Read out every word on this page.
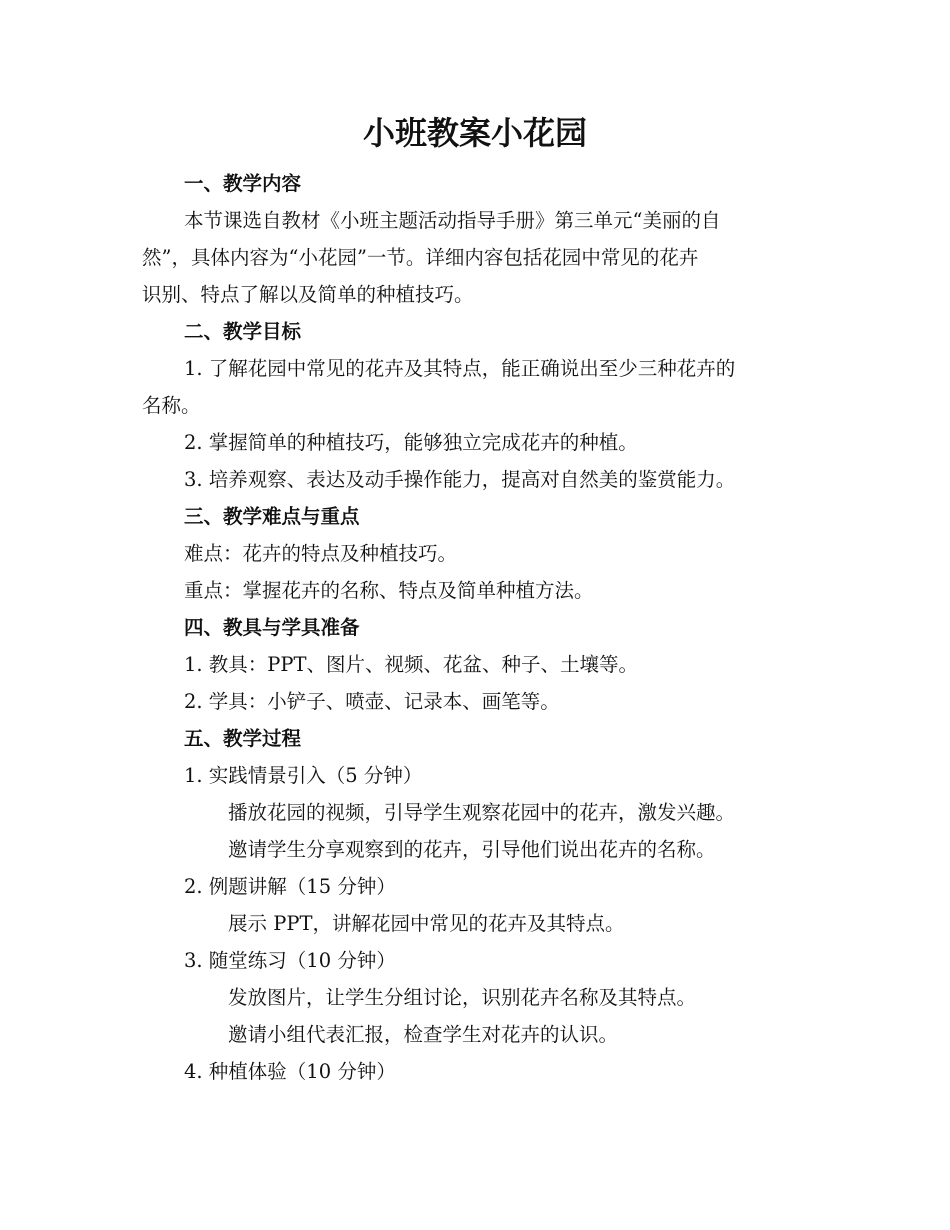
小班教案小花园

一、教学内容

本节课选自教材《小班主题活动指导手册》第三单元“美丽的自

然”，具体内容为“小花园”一节。详细内容包括花园中常见的花卉

识别、特点了解以及简单的种植技巧。

二、教学目标

1. 了解花园中常见的花卉及其特点，能正确说出至少三种花卉的

名称。

2. 掌握简单的种植技巧，能够独立完成花卉的种植。

3. 培养观察、表达及动手操作能力，提高对自然美的鉴赏能力。

三、教学难点与重点

难点：花卉的特点及种植技巧。

重点：掌握花卉的名称、特点及简单种植方法。

四、教具与学具准备

1. 教具：PPT、图片、视频、花盆、种子、土壤等。

2. 学具：小铲子、喷壶、记录本、画笔等。

五、教学过程

1. 实践情景引入（5 分钟）

播放花园的视频，引导学生观察花园中的花卉，激发兴趣。

邀请学生分享观察到的花卉，引导他们说出花卉的名称。

2. 例题讲解（15 分钟）

展示 PPT，讲解花园中常见的花卉及其特点。

3. 随堂练习（10 分钟）

发放图片，让学生分组讨论，识别花卉名称及其特点。

邀请小组代表汇报，检查学生对花卉的认识。

4. 种植体验（10 分钟）
